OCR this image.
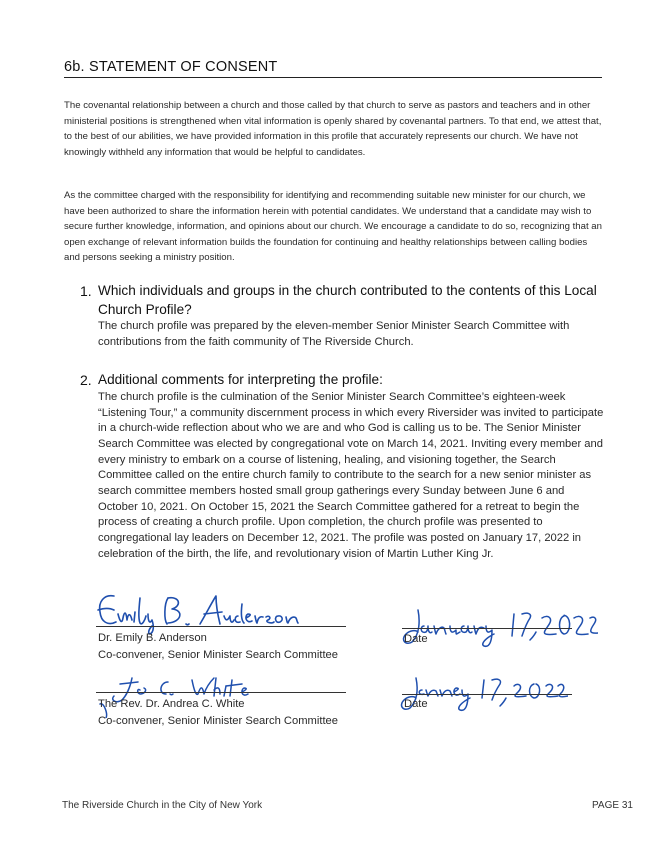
6b. STATEMENT OF CONSENT

The covenantal relationship between a church and those called by that church to serve as pastors and teachers and in other ministerial positions is strengthened when vital information is openly shared by covenantal partners. To that end, we attest that, to the best of our abilities, we have provided information in this profile that accurately represents our church. We have not knowingly withheld any information that would be helpful to candidates.

As the committee charged with the responsibility for identifying and recommending suitable new minister for our church, we have been authorized to share the information herein with potential candidates. We understand that a candidate may wish to secure further knowledge, information, and opinions about our church. We encourage a candidate to do so, recognizing that an open exchange of relevant information builds the foundation for continuing and healthy relationships between calling bodies and persons seeking a ministry position.

1. Which individuals and groups in the church contributed to the contents of this Local Church Profile?

The church profile was prepared by the eleven-member Senior Minister Search Committee with contributions from the faith community of The Riverside Church.

2. Additional comments for interpreting the profile:

The church profile is the culmination of the Senior Minister Search Committee’s eighteen-week “Listening Tour,” a community discernment process in which every Riversider was invited to participate in a church-wide reflection about who we are and who God is calling us to be. The Senior Minister Search Committee was elected by congregational vote on March 14, 2021. Inviting every member and every ministry to embark on a course of listening, healing, and visioning together, the Search Committee called on the entire church family to contribute to the search for a new senior minister as search committee members hosted small group gatherings every Sunday between June 6 and October 10, 2021. On October 15, 2021 the Search Committee gathered for a retreat to begin the process of creating a church profile. Upon completion, the church profile was presented to congregational lay leaders on December 12, 2021. The profile was posted on January 17, 2022 in celebration of the birth, the life, and revolutionary vision of Martin Luther King Jr.

Dr. Emily B. Anderson
Co-convener, Senior Minister Search Committee
Date
The Rev. Dr. Andrea C. White
Co-convener, Senior Minister Search Committee
Date
The Riverside Church in the City of New York	PAGE 31
